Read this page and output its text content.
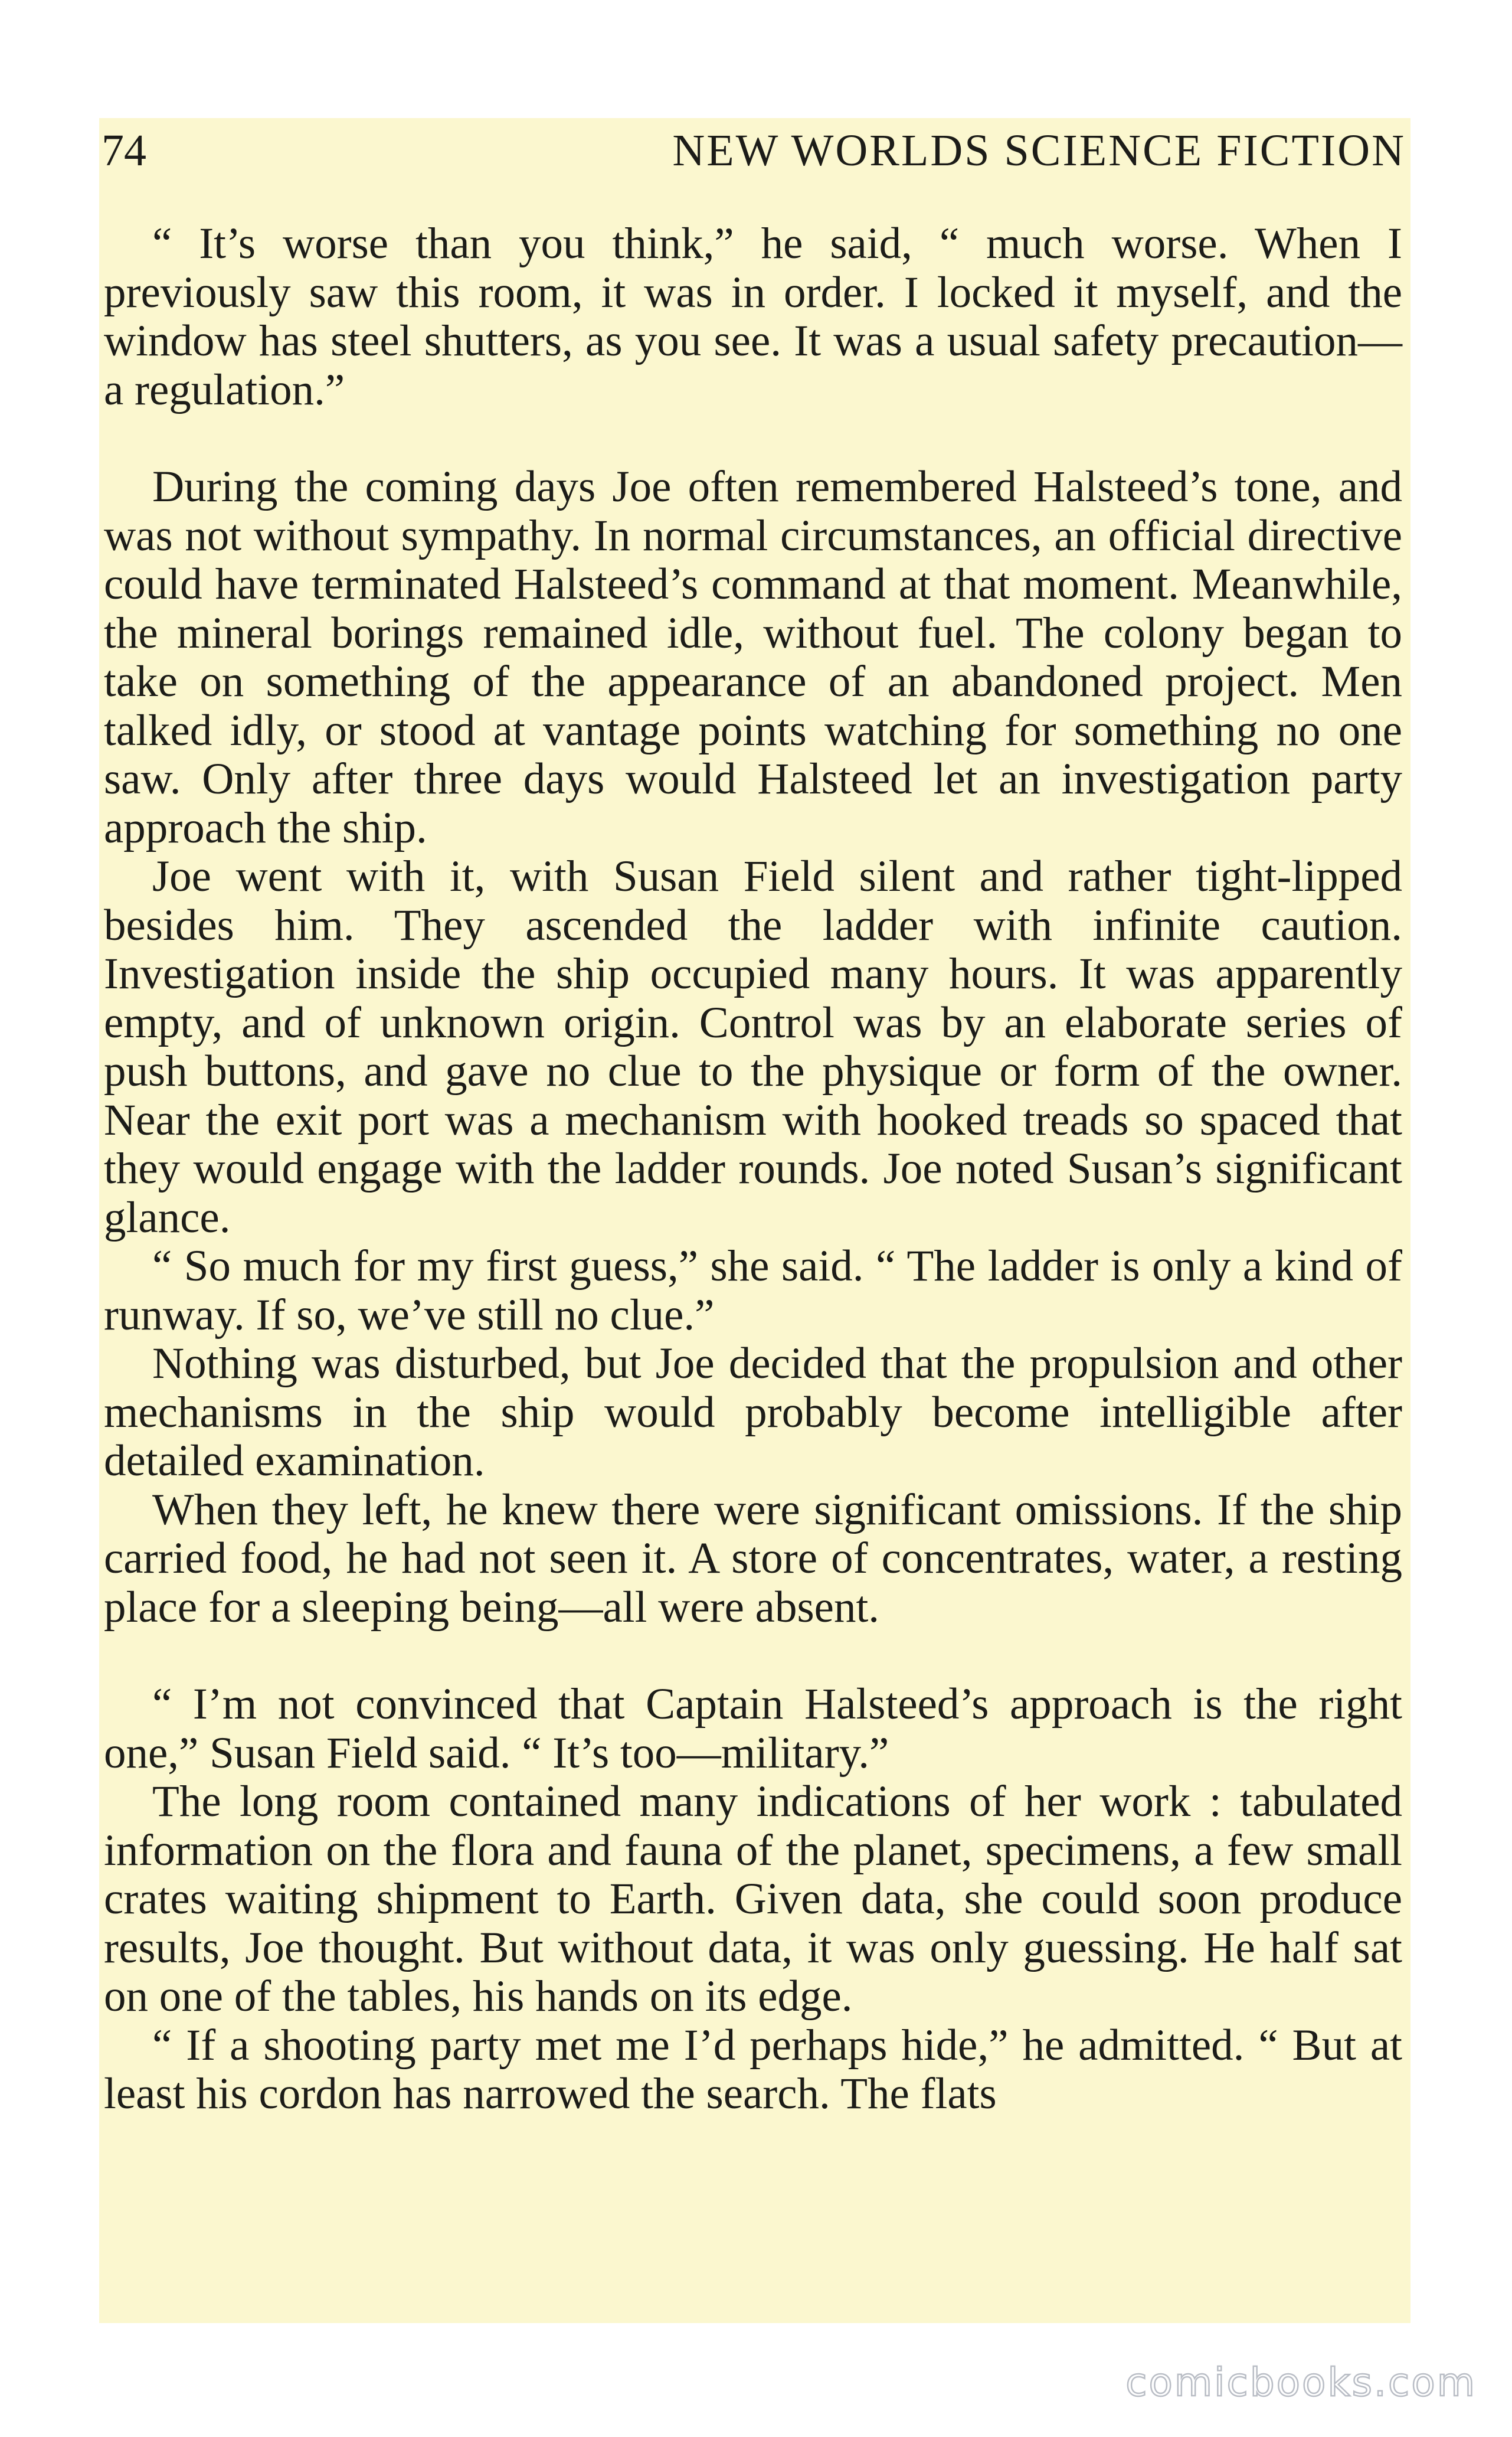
74	NEW WORLDS SCIENCE FICTION

“ It’s worse than you think,” he said, “ much worse. When I previously saw this room, it was in order. I locked it myself, and the window has steel shutters, as you see. It was a usual safety precaution—a regulation.”

During the coming days Joe often remembered Halsteed’s tone, and was not without sympathy. In normal circumstances, an official directive could have terminated Halsteed’s command at that moment. Meanwhile, the mineral borings remained idle, without fuel. The colony began to take on something of the appearance of an abandoned project. Men talked idly, or stood at vantage points watching for something no one saw. Only after three days would Halsteed let an investigation party approach the ship.

Joe went with it, with Susan Field silent and rather tight-lipped besides him. They ascended the ladder with infinite caution. Investigation inside the ship occupied many hours. It was apparently empty, and of unknown origin. Control was by an elaborate series of push buttons, and gave no clue to the physique or form of the owner. Near the exit port was a mechanism with hooked treads so spaced that they would engage with the ladder rounds. Joe noted Susan’s significant glance.

“ So much for my first guess,” she said. “ The ladder is only a kind of runway. If so, we’ve still no clue.”

Nothing was disturbed, but Joe decided that the propulsion and other mechanisms in the ship would probably become intelligible after detailed examination.

When they left, he knew there were significant omissions. If the ship carried food, he had not seen it. A store of concentrates, water, a resting place for a sleeping being—all were absent.

“ I’m not convinced that Captain Halsteed’s approach is the right one,” Susan Field said. “ It’s too—military.”

The long room contained many indications of her work : tabulated information on the flora and fauna of the planet, specimens, a few small crates waiting shipment to Earth. Given data, she could soon produce results, Joe thought. But without data, it was only guessing. He half sat on one of the tables, his hands on its edge.

“ If a shooting party met me I’d perhaps hide,” he admitted. “ But at least his cordon has narrowed the search. The flats

comicbooks.com
